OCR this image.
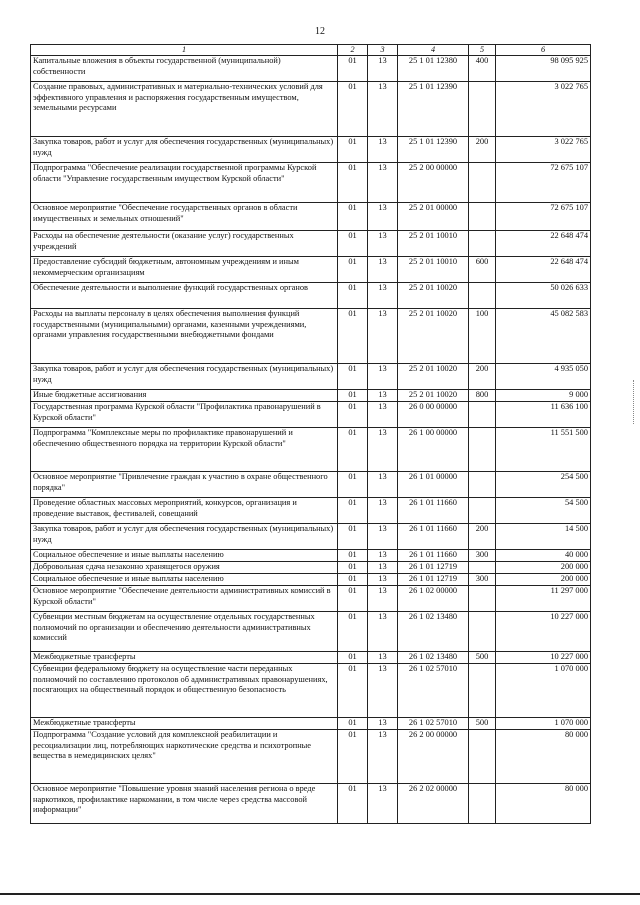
12
1	2	3	4	5	6
Капитальные вложения в объекты государственной (муниципальной) собственности	01	13	25 1 01 12380	400	98 095 925
Создание правовых, административных и материально-технических условий для эффективного управления и распоряжения государственным имуществом, земельными ресурсами	01	13	25 1 01 12390		3 022 765
Закупка товаров, работ и услуг для обеспечения государственных (муниципальных) нужд	01	13	25 1 01 12390	200	3 022 765
Подпрограмма "Обеспечение реализации государственной программы Курской области "Управление государственным имуществом Курской области"	01	13	25 2 00 00000		72 675 107
Основное мероприятие "Обеспечение государственных органов в области имущественных и земельных отношений"	01	13	25 2 01 00000		72 675 107
Расходы на обеспечение деятельности (оказание услуг) государственных учреждений	01	13	25 2 01 10010		22 648 474
Предоставление субсидий бюджетным, автономным учреждениям и иным некоммерческим организациям	01	13	25 2 01 10010	600	22 648 474
Обеспечение деятельности и выполнение функций государственных органов	01	13	25 2 01 10020		50 026 633
Расходы на выплаты персоналу в целях обеспечения выполнения функций государственными (муниципальными) органами, казенными учреждениями, органами управления государственными внебюджетными фондами	01	13	25 2 01 10020	100	45 082 583
Закупка товаров, работ и услуг для обеспечения государственных (муниципальных) нужд	01	13	25 2 01 10020	200	4 935 050
Иные бюджетные ассигнования	01	13	25 2 01 10020	800	9 000
Государственная программа Курской области "Профилактика правонарушений в Курской области"	01	13	26 0 00 00000		11 636 100
Подпрограмма "Комплексные меры по профилактике правонарушений и обеспечению общественного порядка на территории Курской области"	01	13	26 1 00 00000		11 551 500
Основное мероприятие "Привлечение граждан к участию в охране общественного порядка"	01	13	26 1 01 00000		254 500
Проведение областных массовых мероприятий, конкурсов, организация и проведение выставок, фестивалей, совещаний	01	13	26 1 01 11660		54 500
Закупка товаров, работ и услуг для обеспечения государственных (муниципальных) нужд	01	13	26 1 01 11660	200	14 500
Социальное обеспечение и иные выплаты населению	01	13	26 1 01 11660	300	40 000
Добровольная сдача незаконно хранящегося оружия	01	13	26 1 01 12719		200 000
Социальное обеспечение и иные выплаты населению	01	13	26 1 01 12719	300	200 000
Основное мероприятие "Обеспечение деятельности административных комиссий в Курской области"	01	13	26 1 02 00000		11 297 000
Субвенции местным бюджетам на осуществление отдельных государственных полномочий по организации и обеспечению деятельности административных комиссий	01	13	26 1 02 13480		10 227 000
Межбюджетные трансферты	01	13	26 1 02 13480	500	10 227 000
Субвенции федеральному бюджету на осуществление части переданных полномочий по составлению протоколов об административных правонарушениях, посягающих на общественный порядок и общественную безопасность	01	13	26 1 02 57010		1 070 000
Межбюджетные трансферты	01	13	26 1 02 57010	500	1 070 000
Подпрограмма "Создание условий для комплексной реабилитации и ресоциализации лиц, потребляющих наркотические средства и психотропные вещества в немедицинских целях"	01	13	26 2 00 00000		80 000
Основное мероприятие "Повышение уровня знаний населения региона о вреде наркотиков, профилактике наркомании, в том числе через средства массовой информации"	01	13	26 2 02 00000		80 000
